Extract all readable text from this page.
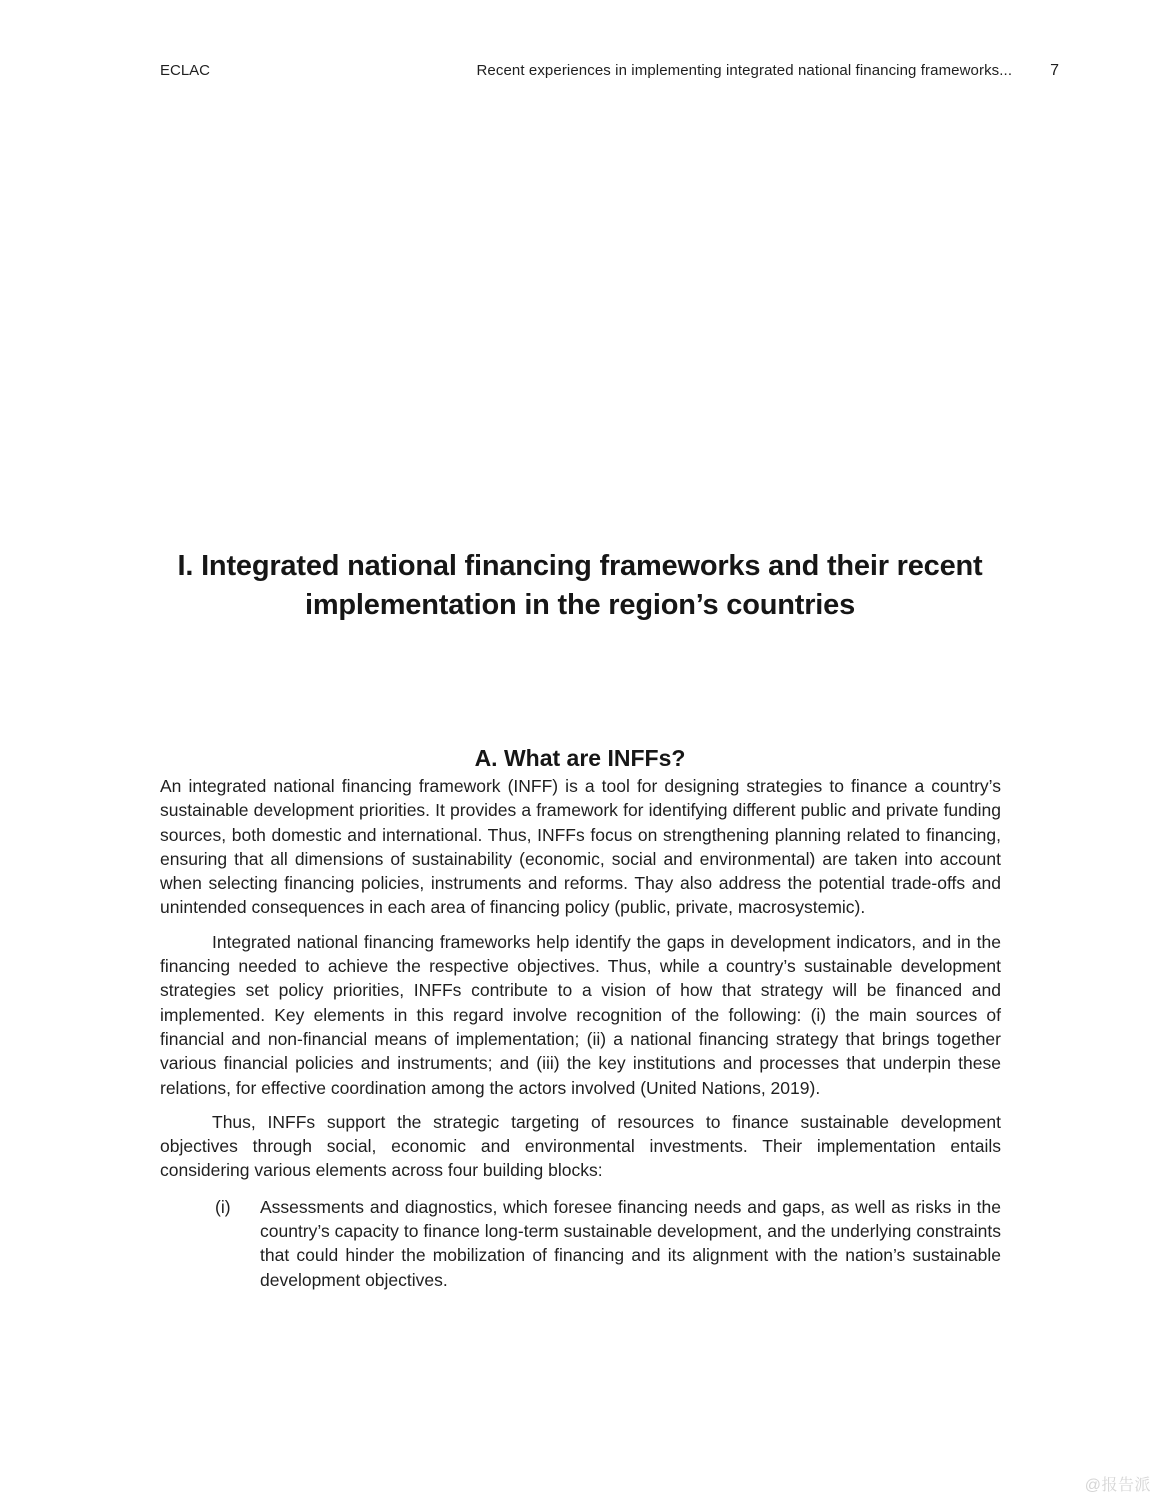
ECLAC	Recent experiences in implementing integrated national financing frameworks... 7
I. Integrated national financing frameworks and their recent implementation in the region’s countries
A. What are INFFs?

An integrated national financing framework (INFF) is a tool for designing strategies to finance a country’s sustainable development priorities. It provides a framework for identifying different public and private funding sources, both domestic and international. Thus, INFFs focus on strengthening planning related to financing, ensuring that all dimensions of sustainability (economic, social and environmental) are taken into account when selecting financing policies, instruments and reforms. Thay also address the potential trade-offs and unintended consequences in each area of financing policy (public, private, macrosystemic).

Integrated national financing frameworks help identify the gaps in development indicators, and in the financing needed to achieve the respective objectives. Thus, while a country’s sustainable development strategies set policy priorities, INFFs contribute to a vision of how that strategy will be financed and implemented. Key elements in this regard involve recognition of the following: (i) the main sources of financial and non-financial means of implementation; (ii) a national financing strategy that brings together various financial policies and instruments; and (iii) the key institutions and processes that underpin these relations, for effective coordination among the actors involved (United Nations, 2019).

Thus, INFFs support the strategic targeting of resources to finance sustainable development objectives through social, economic and environmental investments. Their implementation entails considering various elements across four building blocks:

(i)	Assessments and diagnostics, which foresee financing needs and gaps, as well as risks in the country’s capacity to finance long-term sustainable development, and the underlying constraints that could hinder the mobilization of financing and its alignment with the nation’s sustainable development objectives.
@报告派
